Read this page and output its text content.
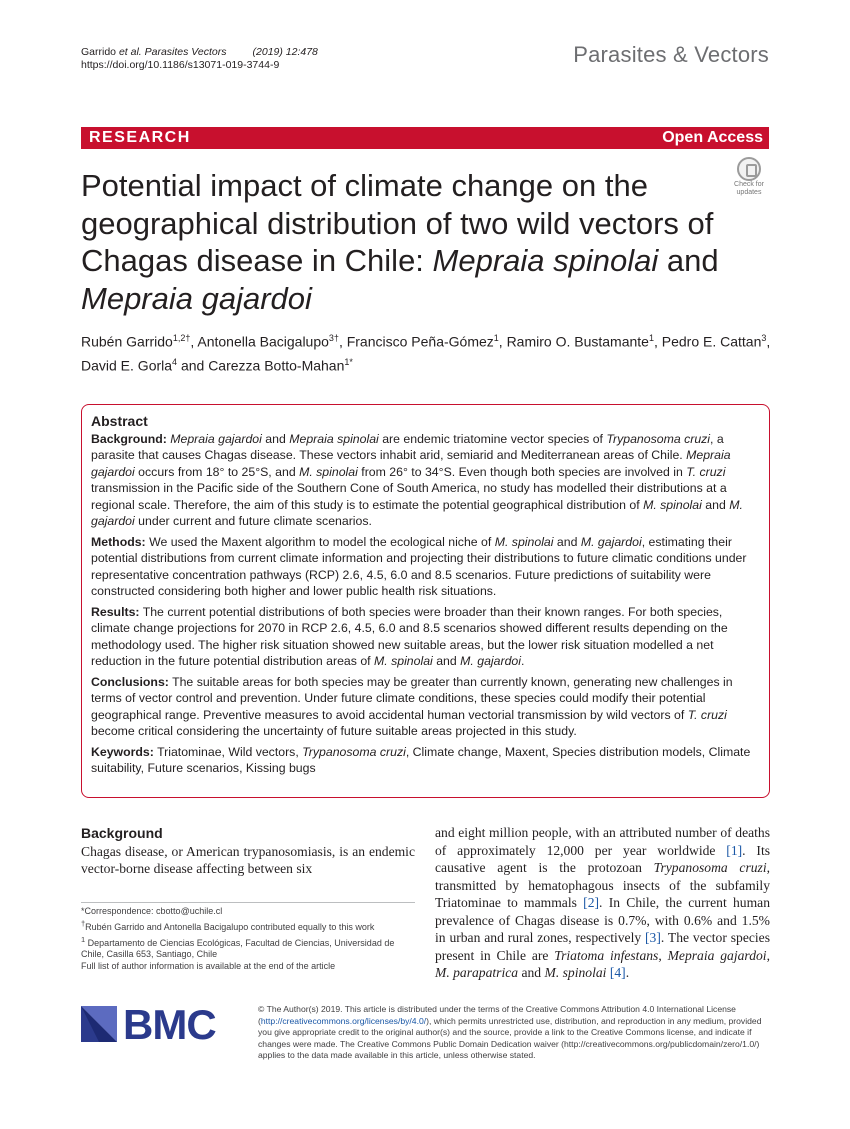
Garrido et al. Parasites Vectors (2019) 12:478
https://doi.org/10.1186/s13071-019-3744-9	Parasites & Vectors
RESEARCH	Open Access
Check for
updates
Potential impact of climate change on the geographical distribution of two wild vectors of Chagas disease in Chile: Mepraia spinolai and Mepraia gajardoi
Rubén Garrido$^{1,2\dagger}$, Antonella Bacigalupo$^{3\dagger}$, Francisco Peña-Gómez$^1$, Ramiro O. Bustamante$^1$, Pedro E. Cattan$^3$, David E. Gorla$^4$ and Carezza Botto-Mahan$^{1*}$
Abstract

Background: Mepraia gajardoi and Mepraia spinolai are endemic triatomine vector species of Trypanosoma cruzi, a parasite that causes Chagas disease. These vectors inhabit arid, semiarid and Mediterranean areas of Chile. Mepraia gajardoi occurs from 18° to 25°S, and M. spinolai from 26° to 34°S. Even though both species are involved in T. cruzi transmission in the Pacific side of the Southern Cone of South America, no study has modelled their distributions at a regional scale. Therefore, the aim of this study is to estimate the potential geographical distribution of M. spinolai and M. gajardoi under current and future climate scenarios.

Methods: We used the Maxent algorithm to model the ecological niche of M. spinolai and M. gajardoi, estimating their potential distributions from current climate information and projecting their distributions to future climatic conditions under representative concentration pathways (RCP) 2.6, 4.5, 6.0 and 8.5 scenarios. Future predictions of suitability were constructed considering both higher and lower public health risk situations.

Results: The current potential distributions of both species were broader than their known ranges. For both species, climate change projections for 2070 in RCP 2.6, 4.5, 6.0 and 8.5 scenarios showed different results depending on the methodology used. The higher risk situation showed new suitable areas, but the lower risk situation modelled a net reduction in the future potential distribution areas of M. spinolai and M. gajardoi.

Conclusions: The suitable areas for both species may be greater than currently known, generating new challenges in terms of vector control and prevention. Under future climate conditions, these species could modify their potential geographical range. Preventive measures to avoid accidental human vectorial transmission by wild vectors of T. cruzi become critical considering the uncertainty of future suitable areas projected in this study.

Keywords: Triatominae, Wild vectors, Trypanosoma cruzi, Climate change, Maxent, Species distribution models, Climate suitability, Future scenarios, Kissing bugs

Background
Chagas disease, or American trypanosomiasis, is an endemic vector-borne disease affecting between six
and eight million people, with an attributed number of deaths of approximately 12,000 per year worldwide [1]. Its causative agent is the protozoan Trypanosoma cruzi, transmitted by hematophagous insects of the subfamily Triatominae to mammals [2]. In Chile, the current human prevalence of Chagas disease is 0.7%, with 0.6% and 1.5% in urban and rural zones, respectively [3]. The vector species present in Chile are Triatoma infestans, Mepraia gajardoi, M. parapatrica and M. spinolai [4].
*Correspondence: cbotto@uchile.cl
†Rubén Garrido and Antonella Bacigalupo contributed equally to this work
$^1$ Departamento de Ciencias Ecológicas, Facultad de Ciencias, Universidad de Chile, Casilla 653, Santiago, Chile
Full list of author information is available at the end of the article
BMC	© The Author(s) 2019. This article is distributed under the terms of the Creative Commons Attribution 4.0 International License (http://creativecommons.org/licenses/by/4.0/), which permits unrestricted use, distribution, and reproduction in any medium, provided you give appropriate credit to the original author(s) and the source, provide a link to the Creative Commons license, and indicate if changes were made. The Creative Commons Public Domain Dedication waiver (http://creativecommons.org/publicdomain/zero/1.0/) applies to the data made available in this article, unless otherwise stated.
